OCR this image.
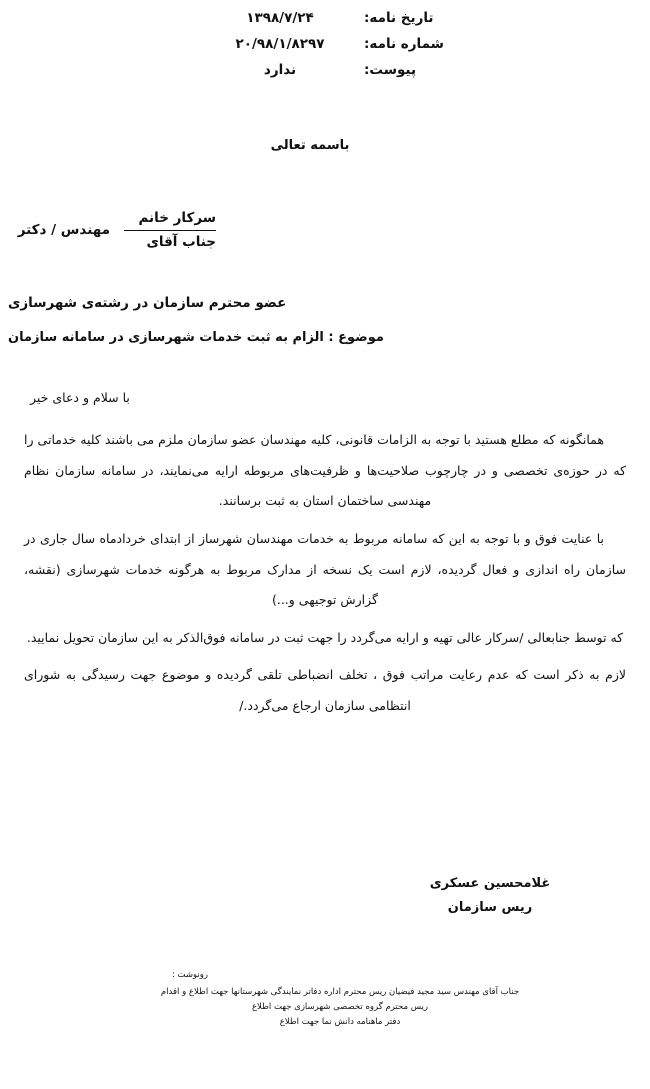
تاریخ نامه:
۱۳۹۸/۷/۲۴
شماره نامه:
۲۰/۹۸/۱/۸۲۹۷
پیوست:
ندارد
باسمه تعالی
سرکار خانم
جناب آقای
مهندس / دکتر
عضو محترم سازمان در رشته‌ی شهرسازی
موضوع : الزام به ثبت خدمات شهرسازی در سامانه سازمان
با سلام و دعای خیر

همانگونه که مطلع هستید با توجه به الزامات قانونی، کلیه مهندسان عضو سازمان ملزم می باشند کلیه خدماتی را که در حوزه‌ی تخصصی و در چارچوب صلاحیت‌ها و ظرفیت‌های مربوطه ارایه می‌نمایند، در سامانه سازمان نظام مهندسی ساختمان استان به ثبت برسانند.

با عنایت فوق و با توجه به این که سامانه مربوط به خدمات مهندسان شهرساز از ابتدای خردادماه سال جاری در سازمان راه اندازی و فعال گردیده، لازم است یک نسخه از مدارک مربوط به هرگونه خدمات شهرسازی (نقشه، گزارش توجیهی و...)

که توسط جنابعالی /سرکار عالی تهیه و ارایه می‌گردد را جهت ثبت در سامانه فوق‌الذکر به این سازمان تحویل نمایید.

لازم به ذکر است که عدم رعایت مراتب فوق ، تخلف انضباطی تلقی گردیده و موضوع جهت رسیدگی به شورای انتظامی سازمان ارجاع می‌گردد./

غلامحسین عسکری
ریس سازمان
رونوشت :
جناب آقای مهندس سید مجید فیضیان ریس محترم اداره دفاتر نمایندگی شهرستانها جهت اطلاع و اقدام
ریس محترم گروه تخصصی شهرسازی جهت اطلاع
دفتر ماهنامه دانش نما جهت اطلاع
